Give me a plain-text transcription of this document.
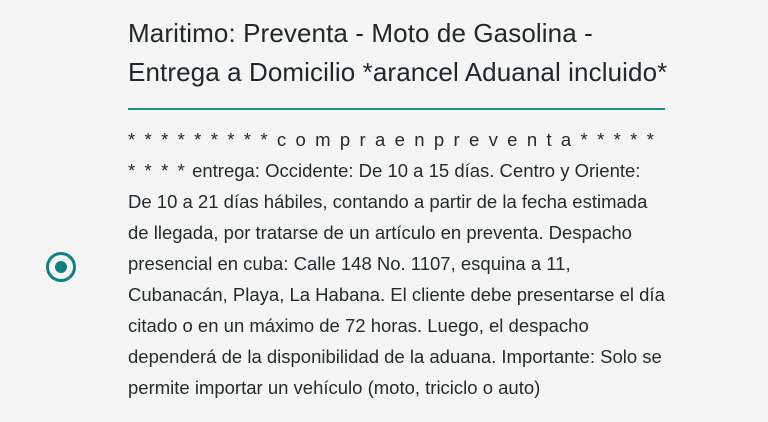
Maritimo: Preventa - Moto de Gasolina - Entrega a Domicilio *arancel Aduanal incluido*

* * * * * * * * * c o m p r a e n p r e v e n t a * * * * * * * * * entrega: Occidente: De 10 a 15 días. Centro y Oriente: De 10 a 21 días hábiles, contando a partir de la fecha estimada de llegada, por tratarse de un artículo en preventa. Despacho presencial en cuba: Calle 148 No. 1107, esquina a 11, Cubanacán, Playa, La Habana. El cliente debe presentarse el día citado o en un máximo de 72 horas. Luego, el despacho dependerá de la disponibilidad de la aduana. Importante: Solo se permite importar un vehículo (moto, triciclo o auto)
